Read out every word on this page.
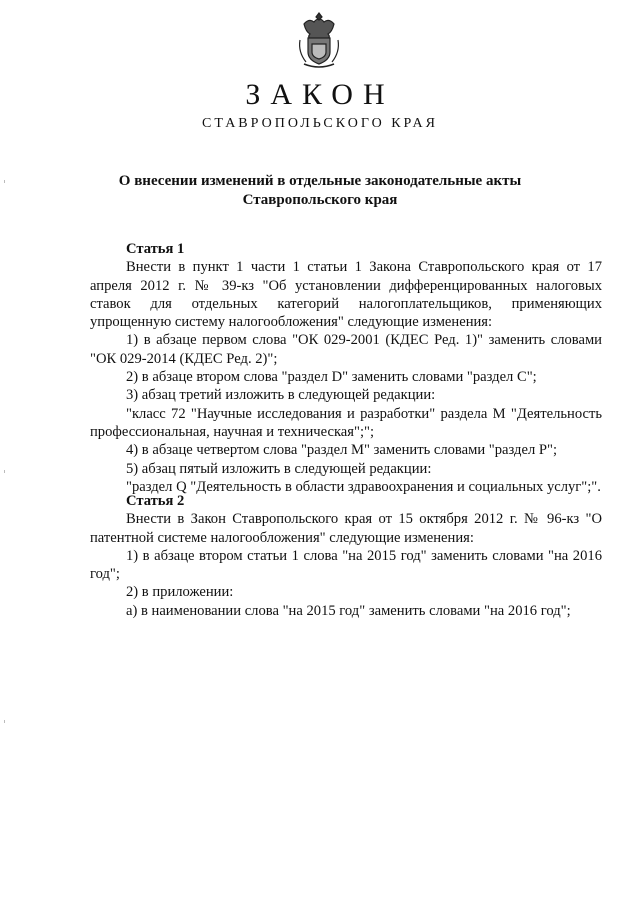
ЗАКОН
СТАВРОПОЛЬСКОГО КРАЯ
О внесении изменений в отдельные законодательные акты
Ставропольского края

Статья 1

Внести в пункт 1 части 1 статьи 1 Закона Ставропольского края от 17 апреля 2012 г. № 39-кз "Об установлении дифференцированных налоговых ставок для отдельных категорий налогоплательщиков, применяющих упрощенную систему налогообложения" следующие изменения:

1) в абзаце первом слова "ОК 029-2001 (КДЕС Ред. 1)" заменить словами "ОК 029-2014 (КДЕС Ред. 2)";

2) в абзаце втором слова "раздел D" заменить словами "раздел С";

3) абзац третий изложить в следующей редакции:

"класс 72 "Научные исследования и разработки" раздела М "Деятельность профессиональная, научная и техническая";";

4) в абзаце четвертом слова "раздел М" заменить словами "раздел Р";

5) абзац пятый изложить в следующей редакции:

"раздел Q "Деятельность в области здравоохранения и социальных услуг";".

Статья 2

Внести в Закон Ставропольского края от 15 октября 2012 г. № 96-кз "О патентной системе налогообложения" следующие изменения:

1) в абзаце втором статьи 1 слова "на 2015 год" заменить словами "на 2016 год";

2) в приложении:

а) в наименовании слова "на 2015 год" заменить словами "на 2016 год";
